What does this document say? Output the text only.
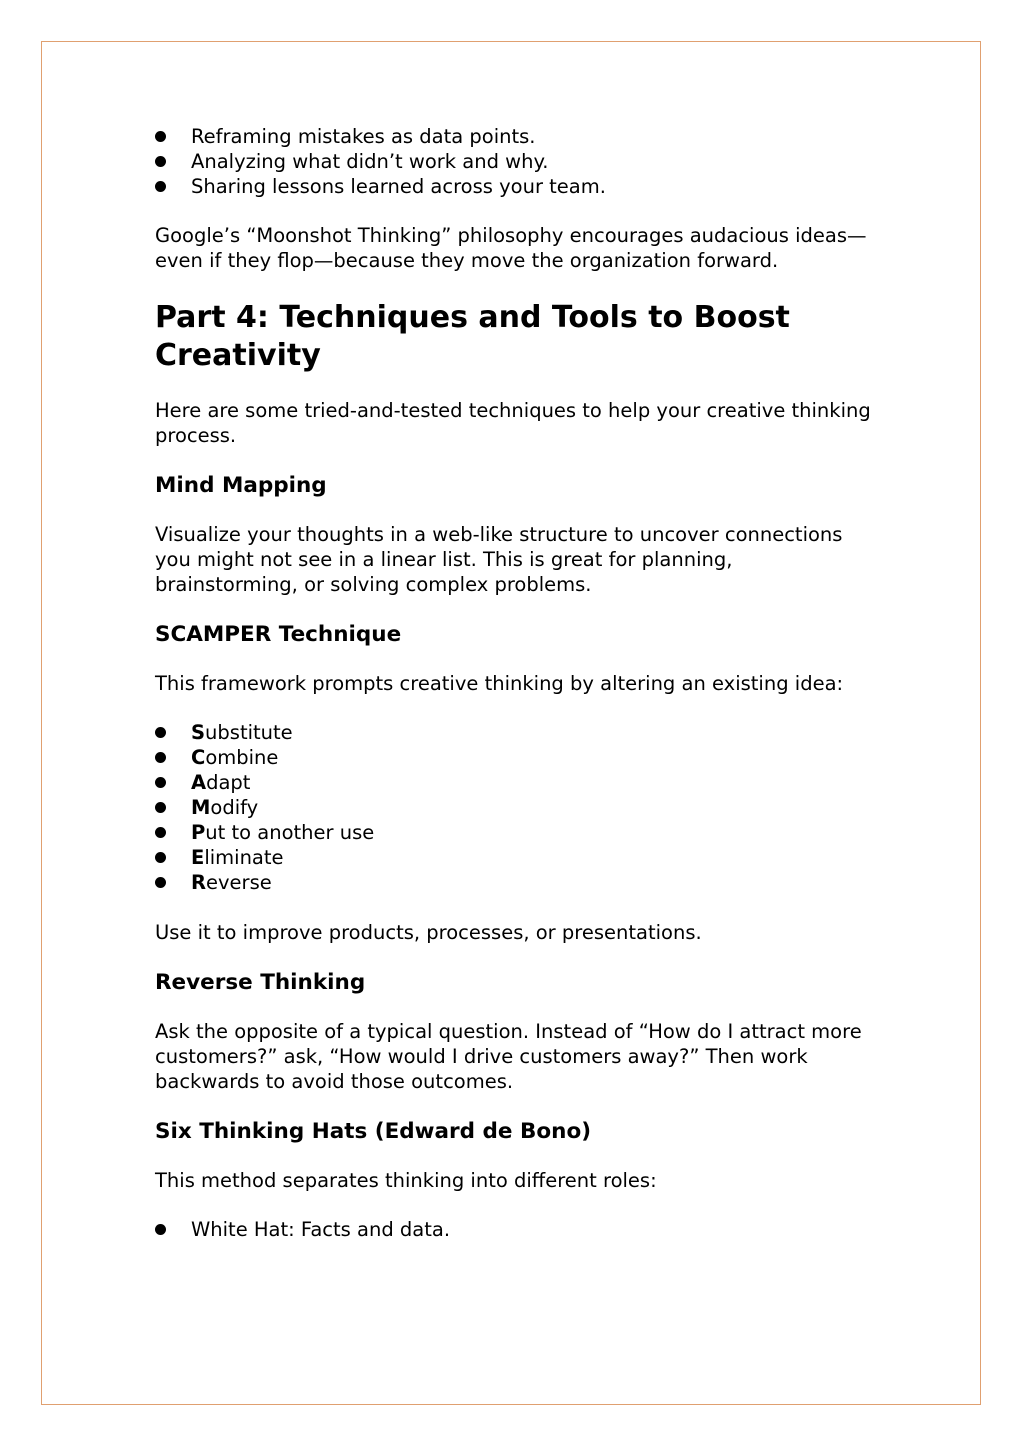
Reframing mistakes as data points.
Analyzing what didn’t work and why.
Sharing lessons learned across your team.

Google’s “Moonshot Thinking” philosophy encourages audacious ideas—even if they flop—because they move the organization forward.

Part 4: Techniques and Tools to Boost Creativity

Here are some tried-and-tested techniques to help your creative thinking process.

Mind Mapping

Visualize your thoughts in a web-like structure to uncover connections you might not see in a linear list. This is great for planning, brainstorming, or solving complex problems.

SCAMPER Technique

This framework prompts creative thinking by altering an existing idea:

Substitute
Combine
Adapt
Modify
Put to another use
Eliminate
Reverse

Use it to improve products, processes, or presentations.

Reverse Thinking

Ask the opposite of a typical question. Instead of “How do I attract more customers?” ask, “How would I drive customers away?” Then work backwards to avoid those outcomes.

Six Thinking Hats (Edward de Bono)

This method separates thinking into different roles:

White Hat: Facts and data.
